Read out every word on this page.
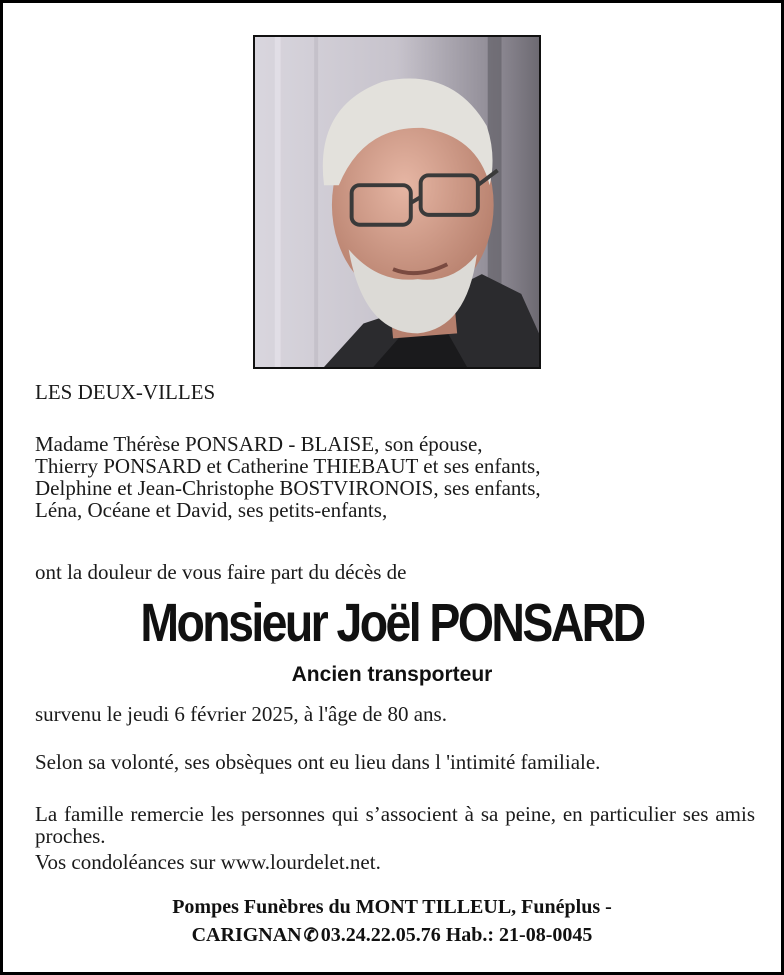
LES DEUX-VILLES
Madame Thérèse PONSARD - BLAISE, son épouse,
Thierry PONSARD et Catherine THIEBAUT et ses enfants,
Delphine et Jean-Christophe BOSTVIRONOIS, ses enfants,
Léna, Océane et David, ses petits-enfants,
ont la douleur de vous faire part du décès de
Monsieur Joël PONSARD
Ancien transporteur
survenu le jeudi 6 février 2025, à l'âge de 80 ans.
Selon sa volonté, ses obsèques ont eu lieu dans l 'intimité familiale.
La famille remercie les personnes qui s’associent à sa peine, en particulier ses amis proches.
Vos condoléances sur www.lourdelet.net.
Pompes Funèbres du MONT TILLEUL, Funéplus -
CARIGNAN ✆ 03.24.22.05.76 Hab.: 21-08-0045
